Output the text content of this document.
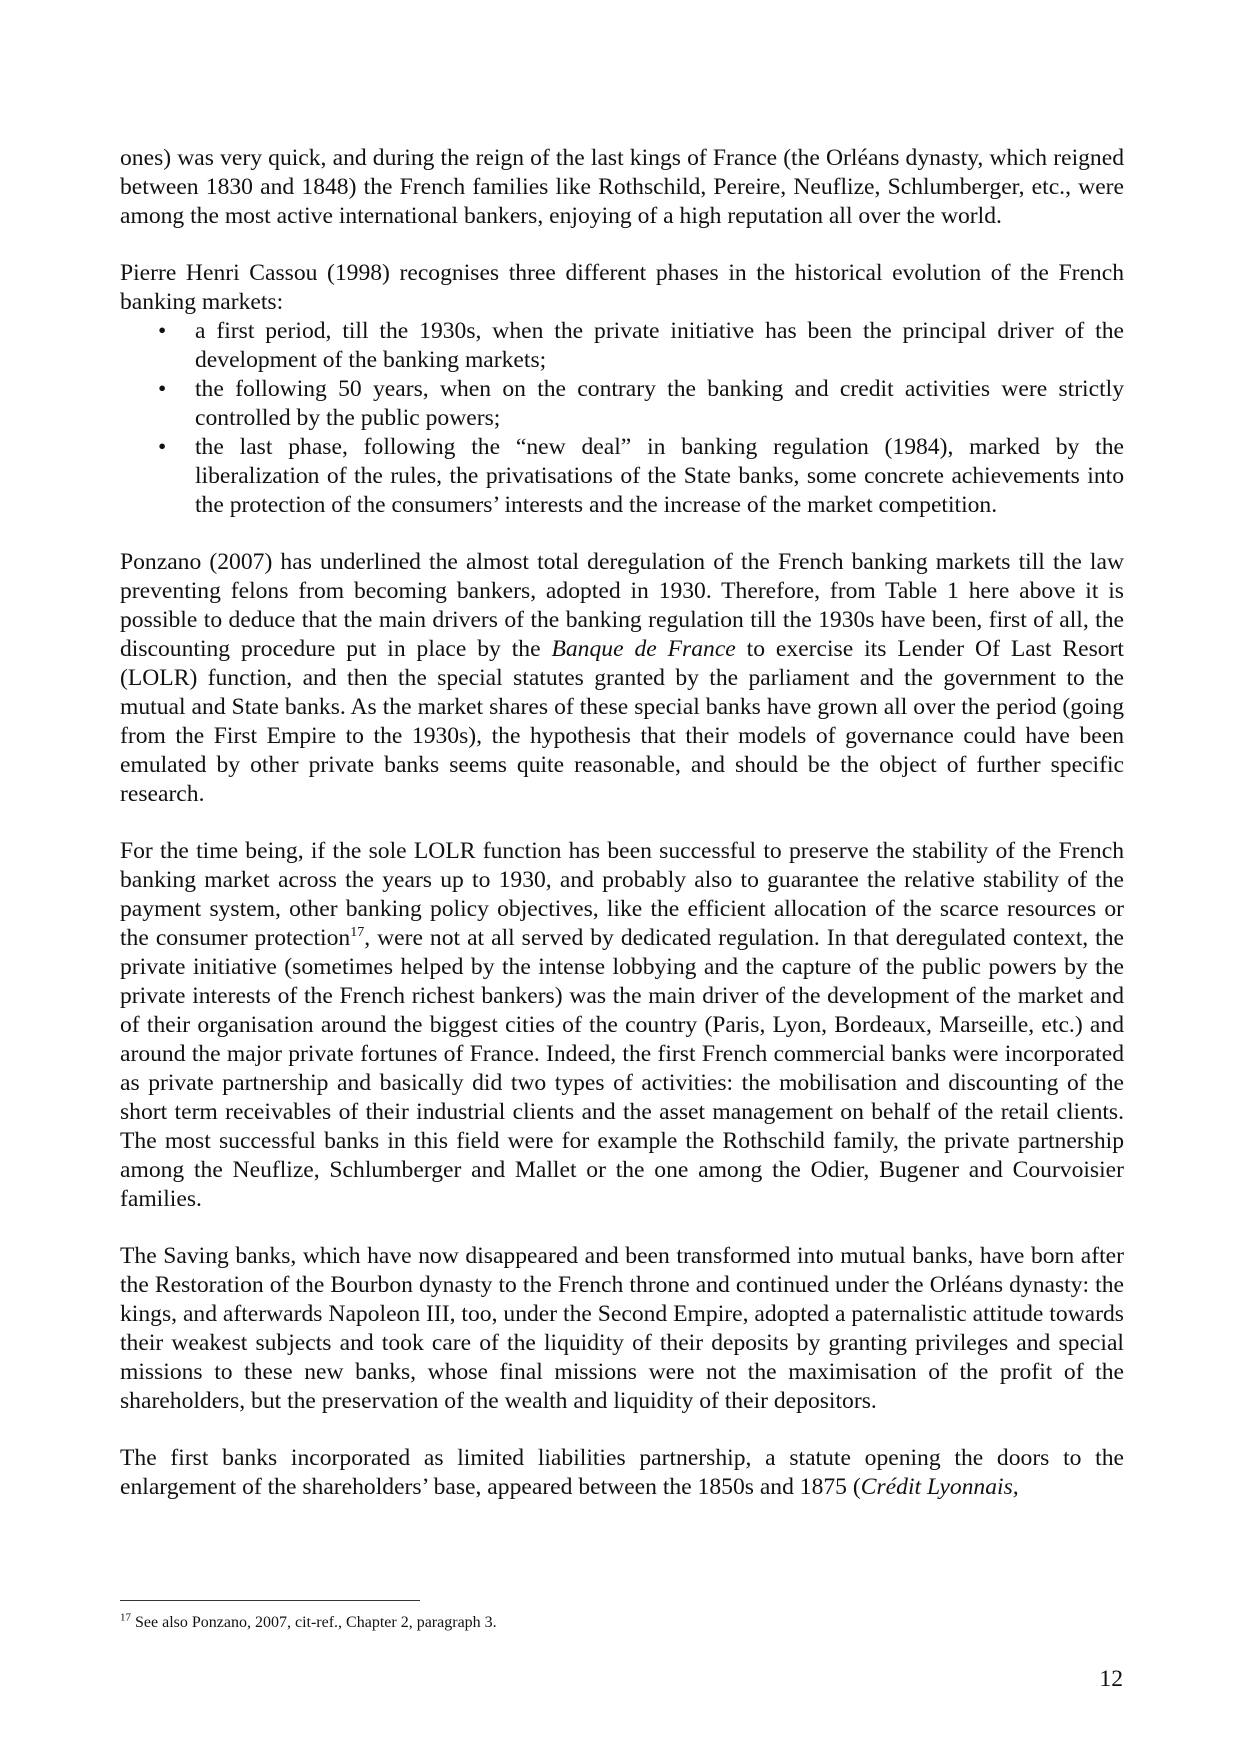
ones) was very quick, and during the reign of the last kings of France (the Orléans dynasty, which reigned between 1830 and 1848) the French families like Rothschild, Pereire, Neuflize, Schlumberger, etc., were among the most active international bankers, enjoying of a high reputation all over the world.

Pierre Henri Cassou (1998) recognises three different phases in the historical evolution of the French banking markets:

• a first period, till the 1930s, when the private initiative has been the principal driver of the development of the banking markets;
• the following 50 years, when on the contrary the banking and credit activities were strictly controlled by the public powers;
• the last phase, following the “new deal” in banking regulation (1984), marked by the liberalization of the rules, the privatisations of the State banks, some concrete achievements into the protection of the consumers’ interests and the increase of the market competition.

Ponzano (2007) has underlined the almost total deregulation of the French banking markets till the law preventing felons from becoming bankers, adopted in 1930. Therefore, from Table 1 here above it is possible to deduce that the main drivers of the banking regulation till the 1930s have been, first of all, the discounting procedure put in place by the Banque de France to exercise its Lender Of Last Resort (LOLR) function, and then the special statutes granted by the parliament and the government to the mutual and State banks. As the market shares of these special banks have grown all over the period (going from the First Empire to the 1930s), the hypothesis that their models of governance could have been emulated by other private banks seems quite reasonable, and should be the object of further specific research.

For the time being, if the sole LOLR function has been successful to preserve the stability of the French banking market across the years up to 1930, and probably also to guarantee the relative stability of the payment system, other banking policy objectives, like the efficient allocation of the scarce resources or the consumer protection$^{17}$, were not at all served by dedicated regulation. In that deregulated context, the private initiative (sometimes helped by the intense lobbying and the capture of the public powers by the private interests of the French richest bankers) was the main driver of the development of the market and of their organisation around the biggest cities of the country (Paris, Lyon, Bordeaux, Marseille, etc.) and around the major private fortunes of France. Indeed, the first French commercial banks were incorporated as private partnership and basically did two types of activities: the mobilisation and discounting of the short term receivables of their industrial clients and the asset management on behalf of the retail clients. The most successful banks in this field were for example the Rothschild family, the private partnership among the Neuflize, Schlumberger and Mallet or the one among the Odier, Bugener and Courvoisier families.

The Saving banks, which have now disappeared and been transformed into mutual banks, have born after the Restoration of the Bourbon dynasty to the French throne and continued under the Orléans dynasty: the kings, and afterwards Napoleon III, too, under the Second Empire, adopted a paternalistic attitude towards their weakest subjects and took care of the liquidity of their deposits by granting privileges and special missions to these new banks, whose final missions were not the maximisation of the profit of the shareholders, but the preservation of the wealth and liquidity of their depositors.

The first banks incorporated as limited liabilities partnership, a statute opening the doors to the enlargement of the shareholders’ base, appeared between the 1850s and 1875 (Crédit Lyonnais,

$^{17}$ See also Ponzano, 2007, cit-ref., Chapter 2, paragraph 3.
12
